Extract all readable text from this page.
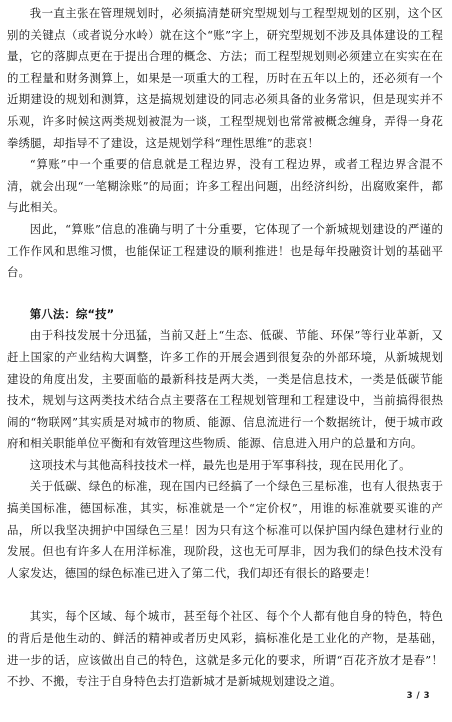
我一直主张在管理规划时，必须搞清楚研究型规划与工程型规划的区别，这个区别的关键点（或者说分水岭）就在这个“账”字上，研究型规划不涉及具体建设的工程量，它的落脚点更在于提出合理的概念、方法；而工程型规划则必须建立在实实在在的工程量和财务测算上，如果是一项重大的工程，历时在五年以上的，还必须有一个近期建设的规划和测算，这是搞规划建设的同志必须具备的业务常识，但是现实并不乐观，许多时候这两类规划被混为一谈，工程型规划也常常被概念缠身，弄得一身花拳绣腿，却指导不了建设，这是规划学科“理性思维”的悲哀！

“算账”中一个重要的信息就是工程边界，没有工程边界，或者工程边界含混不清，就会出现“一笔糊涂账”的局面；许多工程出问题，出经济纠纷，出腐败案件，都与此相关。

因此，“算账”信息的准确与明了十分重要，它体现了一个新城规划建设的严谨的工作作风和思维习惯，也能保证工程建设的顺利推进！也是每年投融资计划的基础平台。

第八法：综“技”

由于科技发展十分迅猛，当前又赶上“生态、低碳、节能、环保”等行业革新，又赶上国家的产业结构大调整，许多工作的开展会遇到很复杂的外部环境，从新城规划建设的角度出发，主要面临的最新科技是两大类，一类是信息技术，一类是低碳节能技术，规划与这两类技术结合点主要落在工程规划管理和工程建设中，当前搞得很热闹的“物联网”其实质是对城市的物质、能源、信息流进行一个数据统计，便于城市政府和相关职能单位平衡和有效管理这些物质、能源、信息进入用户的总量和方向。

这项技术与其他高科技技术一样，最先也是用于军事科技，现在民用化了。

关于低碳、绿色的标准，现在国内已经搞了一个绿色三星标准，也有人很热衷于搞美国标准，德国标准，其实，标准就是一个“定价权”，用谁的标准就要买谁的产品，所以我坚决拥护中国绿色三星！因为只有这个标准可以保护国内绿色建材行业的发展。但也有许多人在用洋标准，现阶段，这也无可厚非，因为我们的绿色技术没有人家发达，德国的绿色标准已进入了第二代，我们却还有很长的路要走！

其实，每个区域、每个城市，甚至每个社区、每个个人都有他自身的特色，特色的背后是他生动的、鲜活的精神或者历史风彩，搞标准化是工业化的产物，是基础，进一步的话，应该做出自己的特色，这就是多元化的要求，所谓“百花齐放才是春”！不抄、不搬，专注于自身特色去打造新城才是新城规划建设之道。

3 / 3
